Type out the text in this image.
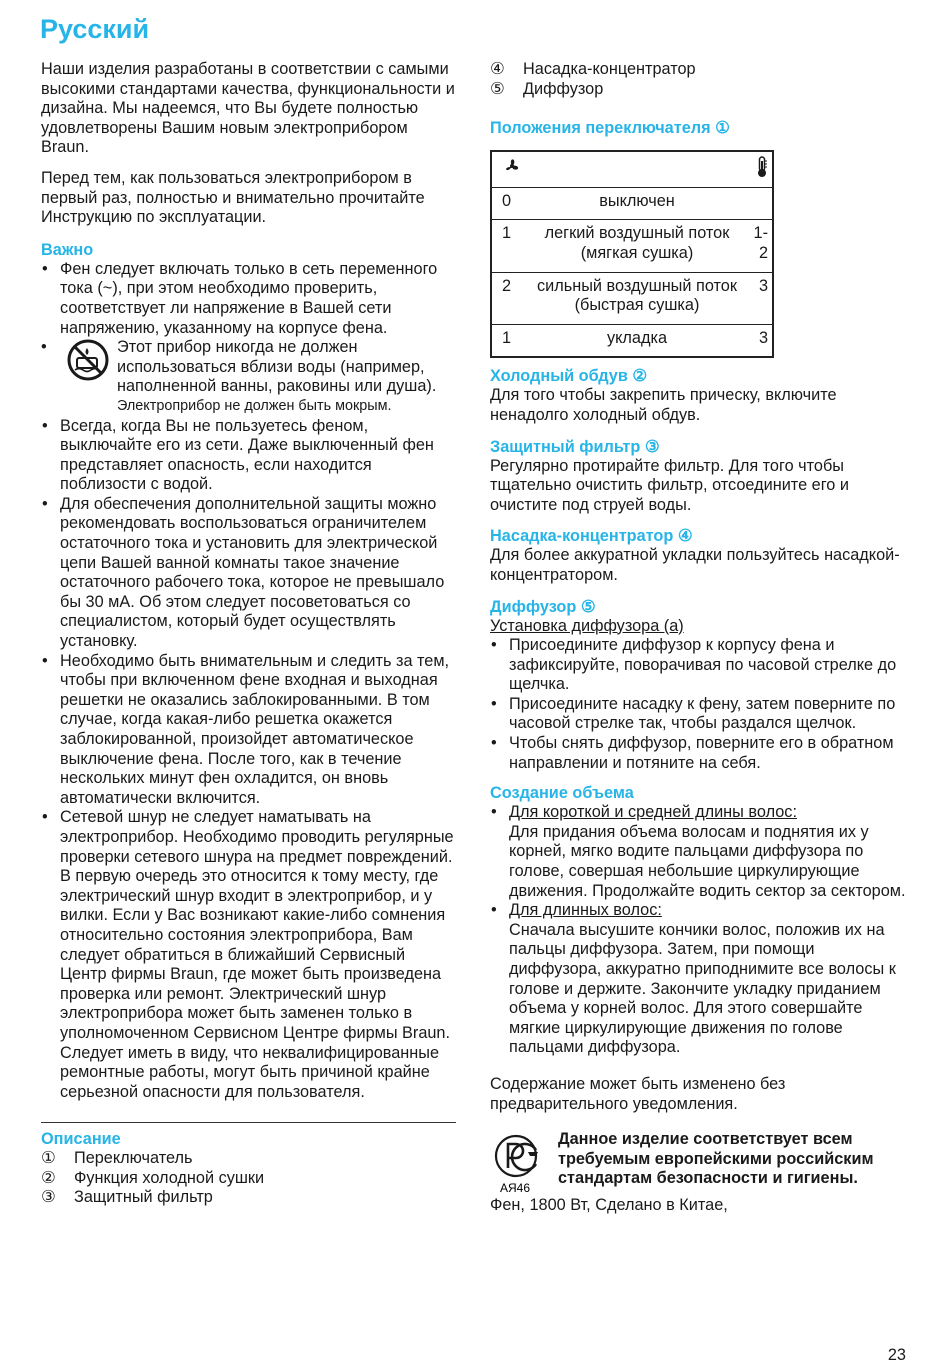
Русский

Наши изделия разработаны в соответствии с самыми высокими стандартами качества, функциональности и дизайна. Мы надеемся, что Вы будете полностью удовлетворены Вашим новым электроприбором Braun.

Перед тем, как пользоваться электроприбором в первый раз, полностью и внимательно прочитайте Инструкцию по эксплуатации.

Важно
• Фен следует включать только в сеть переменного тока (~), при этом необходимо проверить, соответствует ли напряжение в Вашей сети напряжению, указанному на корпусе фена.
•	Этот прибор никогда не должен использоваться вблизи воды (например, наполненной ванны, раковины или душа).
Электроприбор не должен быть мокрым.
• Всегда, когда Вы не пользуетесь феном, выключайте его из сети. Даже выключенный фен представляет опасность, если находится поблизости с водой.
• Для обеспечения дополнительной защиты можно рекомендовать воспользоваться ограничителем остаточного тока и установить для электрической цепи Вашей ванной комнаты такое значение остаточного рабочего тока, которое не превышало бы 30 мА. Об этом следует посоветоваться со специалистом, который будет осуществлять установку.
• Необходимо быть внимательным и следить за тем, чтобы при включенном фене входная и выходная решетки не оказались заблокированными. В том случае, когда какая-либо решетка окажется заблокированной, произойдет автоматическое выключение фена. После того, как в течение нескольких минут фен охладится, он вновь автоматически включится.
• Сетевой шнур не следует наматывать на электроприбор. Необходимо проводить регулярные проверки сетевого шнура на предмет повреждений. В первую очередь это относится к тому месту, где электрический шнур входит в электроприбор, и у вилки. Если у Вас возникают какие-либо сомнения относительно состояния электроприбора, Вам следует обратиться в ближайший Сервисный Центр фирмы Braun, где может быть произведена проверка или ремонт. Электрический шнур электроприбора может быть заменен только в уполномоченном Сервисном Центре фирмы Braun. Следует иметь в виду, что неквалифицированные ремонтные работы, могут быть причиной крайне серьезной опасности для пользователя.
Описание
①	Переключатель
②	Функция холодной сушки
③	Защитный фильтр
④	Насадка-концентратор
⑤	Диффузор
Положения переключателя ①

0	выключен	
1	легкий воздушный поток (мягкая сушка)	1-2
2	сильный воздушный поток (быстрая сушка)	3
1	укладка	3
Холодный обдув ②

Для того чтобы закрепить прическу, включите ненадолго холодный обдув.

Защитный фильтр ③

Регулярно протирайте фильтр. Для того чтобы тщательно очистить фильтр, отсоедините его и очистите под струей воды.

Насадка-концентратор ④

Для более аккуратной укладки пользуйтесь насадкой-концентратором.

Диффузор ⑤
Установка диффузора (a)
• Присоедините диффузор к корпусу фена и зафиксируйте, поворачивая по часовой стрелке до щелчка.
• Присоедините насадку к фену, затем поверните по часовой стрелке так, чтобы раздался щелчок.
• Чтобы снять диффузор, поверните его в обратном направлении и потяните на себя.
Создание объема
• Для короткой и средней длины волос:
Для придания объема волосам и поднятия их у корней, мягко водите пальцами диффузора по голове, совершая небольшие циркулирующие движения. Продолжайте водить сектор за сектором.
• Для длинных волос:
Сначала высушите кончики волос, положив их на пальцы диффузора. Затем, при помощи диффузора, аккуратно приподнимите все волосы к голове и держите. Закончите укладку приданием объема у корней волос. Для этого совершайте мягкие циркулирующие движения по голове пальцами диффузора.

Содержание может быть изменено без предварительного уведомления.

АЯ46
Данное изделие соответствует всем требуемым европейскими российским стандартам безопасности и гигиены.
Фен, 1800 Вт, Сделано в Китае,
23
